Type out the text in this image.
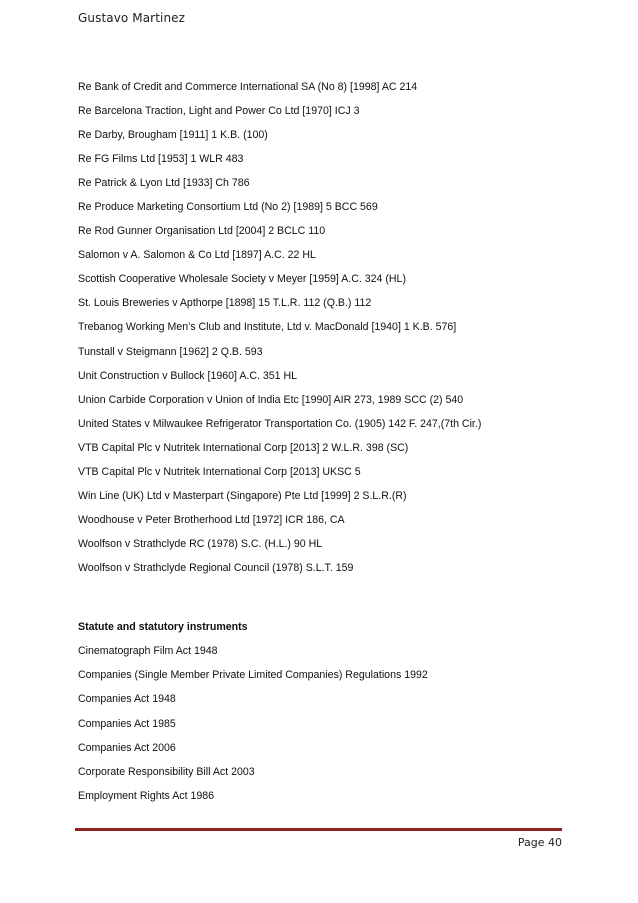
Gustavo Martinez
Re Bank of Credit and Commerce International SA (No 8) [1998] AC 214
Re Barcelona Traction, Light and Power Co Ltd [1970] ICJ 3
Re Darby, Brougham [1911] 1 K.B. (100)
Re FG Films Ltd [1953] 1 WLR 483
Re Patrick & Lyon Ltd [1933] Ch 786
Re Produce Marketing Consortium Ltd (No 2) [1989] 5 BCC 569
Re Rod Gunner Organisation Ltd [2004] 2 BCLC 110
Salomon v A. Salomon & Co Ltd [1897] A.C. 22 HL
Scottish Cooperative Wholesale Society v Meyer [1959] A.C. 324 (HL)
St. Louis Breweries v Apthorpe [1898] 15 T.L.R. 112 (Q.B.) 112
Trebanog Working Men’s Club and Institute, Ltd v. MacDonald [1940] 1 K.B. 576]
Tunstall v Steigmann [1962] 2 Q.B. 593
Unit Construction v Bullock [1960] A.C. 351 HL
Union Carbide Corporation v Union of India Etc [1990] AIR 273, 1989 SCC (2) 540
United States v Milwaukee Refrigerator Transportation Co. (1905) 142 F. 247,(7th Cir.)
VTB Capital Plc v Nutritek International Corp [2013] 2 W.L.R. 398 (SC)
VTB Capital Plc v Nutritek International Corp [2013] UKSC 5
Win Line (UK) Ltd v Masterpart (Singapore) Pte Ltd [1999] 2 S.L.R.(R)
Woodhouse v Peter Brotherhood Ltd [1972] ICR 186, CA
Woolfson v Strathclyde RC (1978) S.C. (H.L.) 90 HL
Woolfson v Strathclyde Regional Council (1978) S.L.T. 159
Statute and statutory instruments
Cinematograph Film Act 1948
Companies (Single Member Private Limited Companies) Regulations 1992
Companies Act 1948
Companies Act 1985
Companies Act 2006
Corporate Responsibility Bill Act 2003
Employment Rights Act 1986
Page 40
